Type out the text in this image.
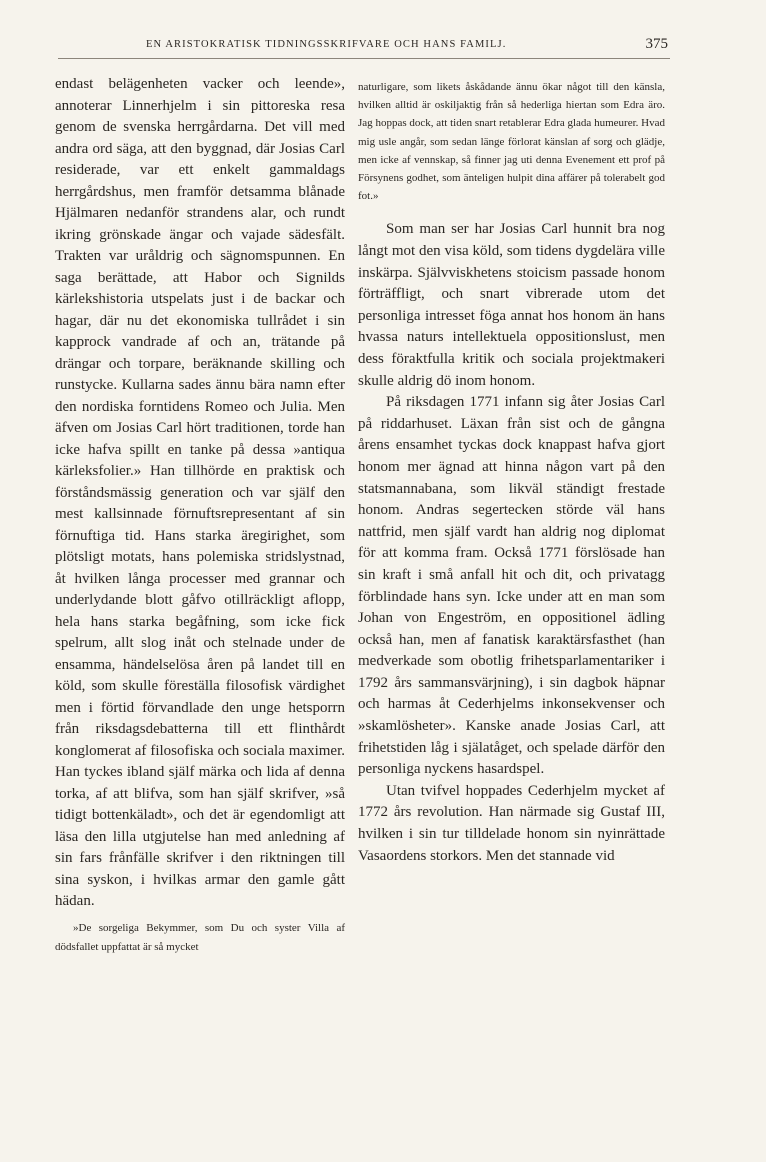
EN ARISTOKRATISK TIDNINGSSKRIFVARE OCH HANS FAMILJ.	375

endast belägenheten vacker och leende», annoterar Linnerhjelm i sin pittoreska resa genom de svenska herrgårdarna. Det vill med andra ord säga, att den byggnad, där Josias Carl residerade, var ett enkelt gammaldags herrgårdshus, men framför detsamma blånade Hjälmaren nedanför strandens alar, och rundt ikring grönskade ängar och vajade sädesfält. Trakten var uråldrig och sägnomspunnen. En saga berättade, att Habor och Signilds kärlekshistoria utspelats just i de backar och hagar, där nu det ekonomiska tullrådet i sin kapprock vandrade af och an, trätande på drängar och torpare, beräknande skilling och runstycke. Kullarna sades ännu bära namn efter den nordiska forntidens Romeo och Julia. Men äfven om Josias Carl hört traditionen, torde han icke hafva spillt en tanke på dessa »antiqua kärleksfolier.» Han tillhörde en praktisk och förståndsmässig generation och var själf den mest kallsinnade förnuftsrepresentant af sin förnuftiga tid. Hans starka äregirighet, som plötsligt motats, hans polemiska stridslystnad, åt hvilken långa processer med grannar och underlydande blott gåfvo otillräckligt aflopp, hela hans starka begåfning, som icke fick spelrum, allt slog inåt och stelnade under de ensamma, händelselösa åren på landet till en köld, som skulle föreställa filosofisk värdighet men i förtid förvandlade den unge hetsporrn från riksdagsdebatterna till ett flinthårdt konglomerat af filosofiska och sociala maximer. Han tyckes ibland själf märka och lida af denna torka, af att blifva, som han själf skrifver, »så tidigt bottenkäladt», och det är egendomligt att läsa den lilla utgjutelse han med anledning af sin fars frånfälle skrifver i den riktningen till sina syskon, i hvilkas armar den gamle gått hädan.

»De sorgeliga Bekymmer, som Du och syster Villa af dödsfallet uppfattat är så mycket

naturligare, som likets åskådande ännu ökar något till den känsla, hvilken alltid är oskiljaktig från så hederliga hiertan som Edra äro. Jag hoppas dock, att tiden snart retablerar Edra glada humeurer. Hvad mig usle angår, som sedan länge förlorat känslan af sorg och glädje, men icke af vennskap, så finner jag uti denna Evenement ett prof på Försynens godhet, som änteligen hulpit dina affärer på tolerabelt god fot.»

Som man ser har Josias Carl hunnit bra nog långt mot den visa köld, som tidens dygdelära ville inskärpa. Självviskhetens stoicism passade honom förträffligt, och snart vibrerade utom det personliga intresset föga annat hos honom än hans hvassa naturs intellektuela oppositionslust, men dess föraktfulla kritik och sociala projektmakeri skulle aldrig dö inom honom.

På riksdagen 1771 infann sig åter Josias Carl på riddarhuset. Läxan från sist och de gångna årens ensamhet tyckas dock knappast hafva gjort honom mer ägnad att hinna någon vart på den statsmannabana, som likväl ständigt frestade honom. Andras segertecken störde väl hans nattfrid, men själf vardt han aldrig nog diplomat för att komma fram. Också 1771 förslösade han sin kraft i små anfall hit och dit, och privatagg förblindade hans syn. Icke under att en man som Johan von Engeström, en oppositionel ädling också han, men af fanatisk karaktärsfasthet (han medverkade som obotlig frihetsparlamentariker i 1792 års sammansvärjning), i sin dagbok häpnar och harmas åt Cederhjelms inkonsekvenser och »skamlösheter». Kanske anade Josias Carl, att frihetstiden låg i själatåget, och spelade därför den personliga nyckens hasardspel.

Utan tvifvel hoppades Cederhjelm mycket af 1772 års revolution. Han närmade sig Gustaf III, hvilken i sin tur tilldelade honom sin nyinrättade Vasaordens storkors. Men det stannade vid
